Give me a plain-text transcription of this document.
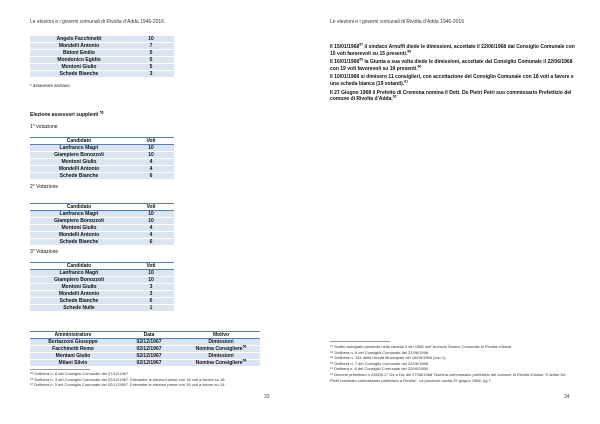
Le elezioni e i governi comunali di Rivolta d’Adda 1946-2016
Angelo Facchinetti	10
Mondelli Antonio	7
Bidoni Emilio	5
Mondonico Egidio	5
Montoni Giulio	5
Schede Bianche	3
* assessore anziano
Elezione assessori supplenti $^{56}$
1° votazione
Candidato	Voti
Lanfranco Magri	10
Giampiero Bonozzoli	10
Montoni Giulio	4
Mondelli Antonio	4
Schede Bianche	6
2° Votazione
Candidato	Voti
Lanfranco Magri	10
Giampiero Bonozzoli	10
Montoni Giulio	4
Mondelli Antonio	4
Schede Bianche	6
3° Votazione
Candidato	Voti
Lanfranco Magri	10
Giampiero Bonozzoli	10
Montoni Giulio	3
Mondelli Antonio	3
Schede Bianche	6
Schede Nulle	1
Amministratore	Data	Motivo
Bertazzoni Giuseppe	02/12/1967	Dimissioni
Facchinetti Remo	02/12/1967	Nomina Consigliere$^{56}$
Montani Giulio	02/12/1967	Dimissioni
Milani Silvio	02/12/1967	Nomina Consigliere$^{56}$
⁵⁵ Delibera n. 8 del Consiglio Comunale del 07/10/1967.
⁵⁶ Delibera n. 3 del Consiglio Comunale del 02/12/1967. Entrambe le elezioni prese con 16 voti a favore su 18.
⁵⁷ Delibera n. 3 del Consiglio Comunale del 02/12/1967. Entrambe le elezioni prese con 16 voti a favore su 19.
33
Le elezioni e i governi comunali di Rivolta d’Adda 1946-2016
Il 15/01/1968$^{57}$ il sindaco Arnuffi diede le dimissioni, accettate il 22/06/1968 dal Consiglio Comunale con 15 voti favorevoli su 15 presenti.$^{58}$
Il 16/01/1968$^{59}$ la Giunta a sua volta diede le dimissioni, accettate dal Consiglio Comunale il 22/06/1968 con 19 voti favorevoli su 19 presenti.$^{60}$
Il 10/01/1968 si dimisero 11 consiglieri, con accettazione del Consiglio Comunale con 18 voti a favore e una scheda bianca (19 votanti).$^{61}$
Il 27 Giugno 1968 il Prefetto di Cremona nomina il Dott. De Pietri Petri suo commissario Prefettizio del comune di Rivolta d’Adda.$^{62}$
⁵⁷ Scritto autografo presente nella cartella 2 del 1968 nell’ Archivio Storico Comunale di Rivolta d’Adda.
⁵⁸ Delibera n. 6 del Consiglio Comunale del 22/06/1968.
⁵⁹ Delibera n. 134 della Giunta Municipale del 16/06/1968 (con 1).
⁶⁰ Delibera n. 7 del Consiglio Comunale del 22/06/1968.
⁶¹ Delibera n. 8 del Consiglio Comunale del 22/06/1968.
⁶² Decreto prefettizio n 2352/II.2° Gs a Div del 27/06/1968’ Nomina commissario prefettizio del comune di Rivolta d’Adda, “il dottor De Pietri nominato commissario prefettizio a Rivolta”. La provincia uscita 29 giugno 1968, pg 7.
34
